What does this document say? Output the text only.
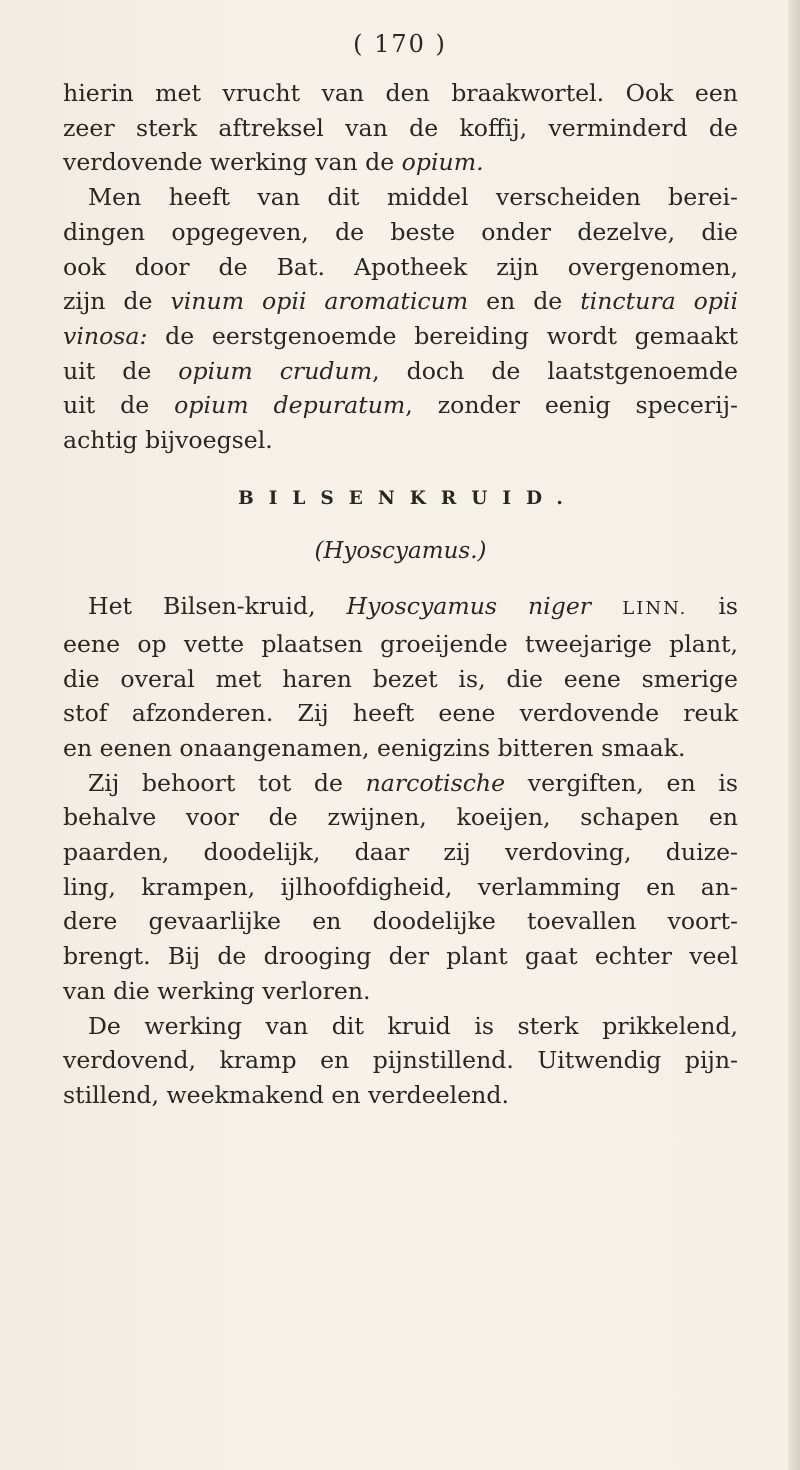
( 170 )
hierin met vrucht van den braakwortel. Ook een
zeer sterk aftreksel van de koffij, verminderd de
verdovende werking van de opium.
Men heeft van dit middel verscheiden berei-
dingen opgegeven, de beste onder dezelve, die
ook door de Bat. Apotheek zijn overgenomen,
zijn de vinum opii aromaticum en de tinctura opii
vinosa: de eerstgenoemde bereiding wordt gemaakt
uit de opium crudum, doch de laatstgenoemde
uit de opium depuratum, zonder eenig specerij-
achtig bijvoegsel.
BILSENKRUID.
(Hyoscyamus.)
Het Bilsen-kruid, Hyoscyamus niger LINN. is
eene op vette plaatsen groeijende tweejarige plant,
die overal met haren bezet is, die eene smerige
stof afzonderen. Zij heeft eene verdovende reuk
en eenen onaangenamen, eenigzins bitteren smaak.
Zij behoort tot de narcotische vergiften, en is
behalve voor de zwijnen, koeijen, schapen en
paarden, doodelijk, daar zij verdoving, duize-
ling, krampen, ijlhoofdigheid, verlamming en an-
dere gevaarlijke en doodelijke toevallen voort-
brengt. Bij de drooging der plant gaat echter veel
van die werking verloren.
De werking van dit kruid is sterk prikkelend,
verdovend, kramp en pijnstillend. Uitwendig pijn-
stillend, weekmakend en verdeelend.
